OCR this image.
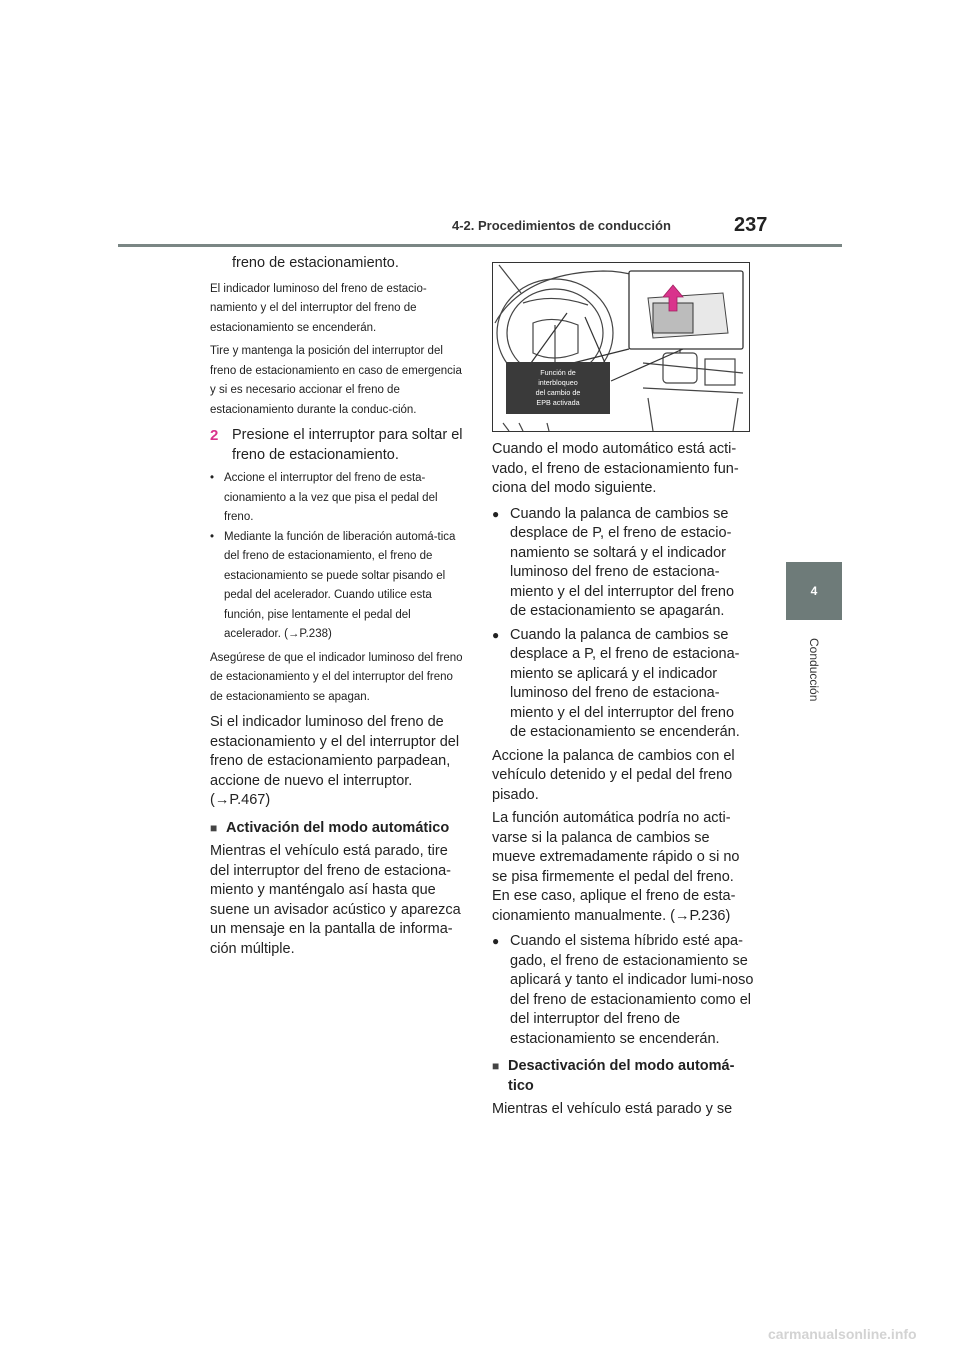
4-2. Procedimientos de conducción	237
4
Conducción

freno de estacionamiento.

El indicador luminoso del freno de estacio-namiento y el del interruptor del freno de estacionamiento se encenderán.

Tire y mantenga la posición del interruptor del freno de estacionamiento en caso de emergencia y si es necesario accionar el freno de estacionamiento durante la conduc-ción.

2 Presione el interruptor para soltar el freno de estacionamiento.
• Accione el interruptor del freno de esta-cionamiento a la vez que pisa el pedal del freno.
• Mediante la función de liberación automá-tica del freno de estacionamiento, el freno de estacionamiento se puede soltar pisando el pedal del acelerador. Cuando utilice esta función, pise lentamente el pedal del acelerador. (→P.238)

Asegúrese de que el indicador luminoso del freno de estacionamiento y el del interruptor del freno de estacionamiento se apagan.

Si el indicador luminoso del freno de estacionamiento y el del interruptor del freno de estacionamiento parpadean, accione de nuevo el interruptor. (→P.467)

■ Activación del modo automático

Mientras el vehículo está parado, tire del interruptor del freno de estaciona-miento y manténgalo así hasta que suene un avisador acústico y aparezca un mensaje en la pantalla de informa-ción múltiple.

Función de
interbloqueo
del cambio de
EPB activada

Cuando el modo automático está acti-vado, el freno de estacionamiento fun-ciona del modo siguiente.

● Cuando la palanca de cambios se desplace de P, el freno de estacio-namiento se soltará y el indicador luminoso del freno de estaciona-miento y el del interruptor del freno de estacionamiento se apagarán.
● Cuando la palanca de cambios se desplace a P, el freno de estaciona-miento se aplicará y el indicador luminoso del freno de estaciona-miento y el del interruptor del freno de estacionamiento se encenderán.

Accione la palanca de cambios con el vehículo detenido y el pedal del freno pisado.

La función automática podría no acti-varse si la palanca de cambios se mueve extremadamente rápido o si no se pisa firmemente el pedal del freno. En ese caso, aplique el freno de esta-cionamiento manualmente. (→P.236)

● Cuando el sistema híbrido esté apa-gado, el freno de estacionamiento se aplicará y tanto el indicador lumi-noso del freno de estacionamiento como el del interruptor del freno de estacionamiento se encenderán.
■ Desactivación del modo automá-tico

Mientras el vehículo está parado y se

carmanualsonline.info
